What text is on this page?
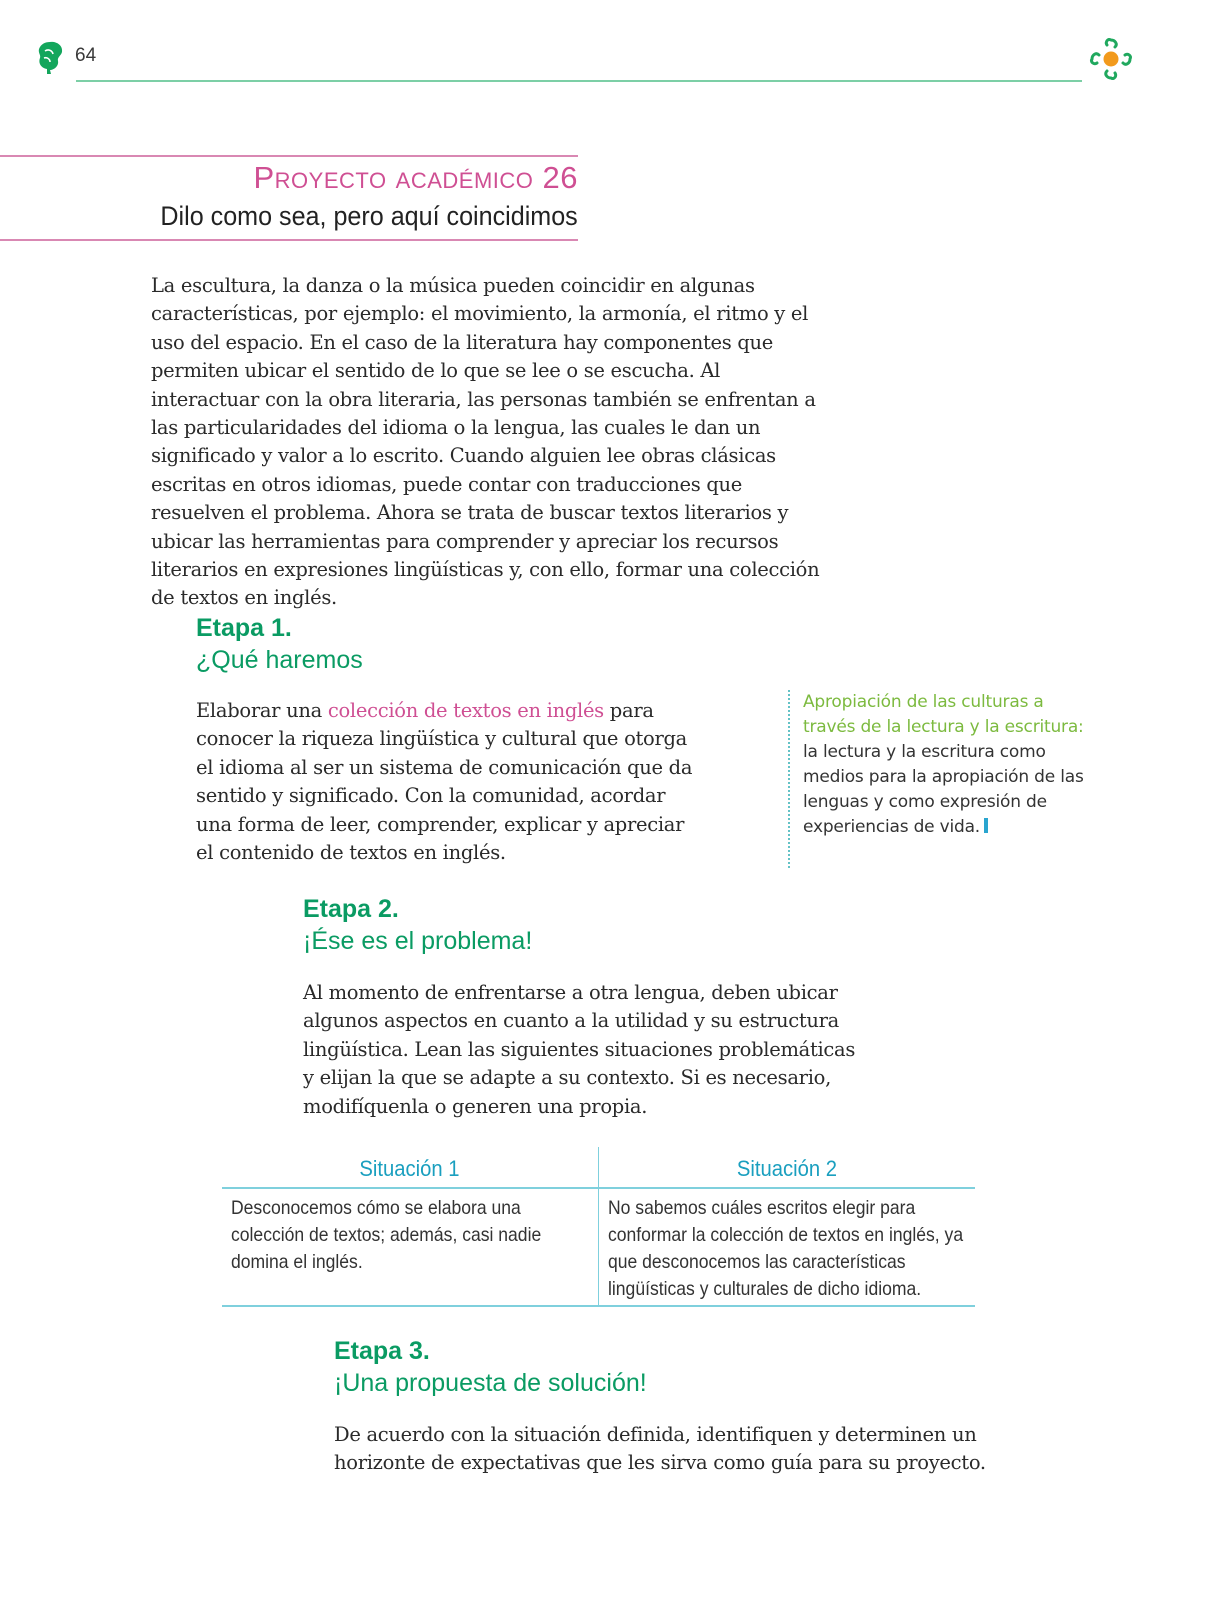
64
Proyecto académico 26
Dilo como sea, pero aquí coincidimos

La escultura, la danza o la música pueden coincidir en algunas características, por ejemplo: el movimiento, la armonía, el ritmo y el uso del espacio. En el caso de la literatura hay componentes que permiten ubicar el sentido de lo que se lee o se escucha. Al interactuar con la obra literaria, las personas también se enfrentan a las particularidades del idioma o la lengua, las cuales le dan un significado y valor a lo escrito. Cuando alguien lee obras clásicas escritas en otros idiomas, puede contar con traducciones que resuelven el problema. Ahora se trata de buscar textos literarios y ubicar las herramientas para comprender y apreciar los recursos literarios en expresiones lingüísticas y, con ello, formar una colección de textos en inglés.

Etapa 1.

¿Qué haremos

Elaborar una colección de textos en inglés para conocer la riqueza lingüística y cultural que otorga el idioma al ser un sistema de comunicación que da sentido y significado. Con la comunidad, acordar una forma de leer, comprender, explicar y apreciar el contenido de textos en inglés.

Apropiación de las culturas a través de la lectura y la escritura: la lectura y la escritura como medios para la apropiación de las lenguas y como expresión de experiencias de vida.

Etapa 2.

¡Ése es el problema!

Al momento de enfrentarse a otra lengua, deben ubicar algunos aspectos en cuanto a la utilidad y su estructura lingüística. Lean las siguientes situaciones problemáticas y elijan la que se adapte a su contexto. Si es necesario, modifíquenla o generen una propia.

Situación 1	Situación 2
Desconocemos cómo se elabora una colección de textos; además, casi nadie domina el inglés.
No sabemos cuáles escritos elegir para conformar la colección de textos en inglés, ya que desconocemos las características lingüísticas y culturales de dicho idioma.

Etapa 3.

¡Una propuesta de solución!

De acuerdo con la situación definida, identifiquen y determinen un horizonte de expectativas que les sirva como guía para su proyecto.
